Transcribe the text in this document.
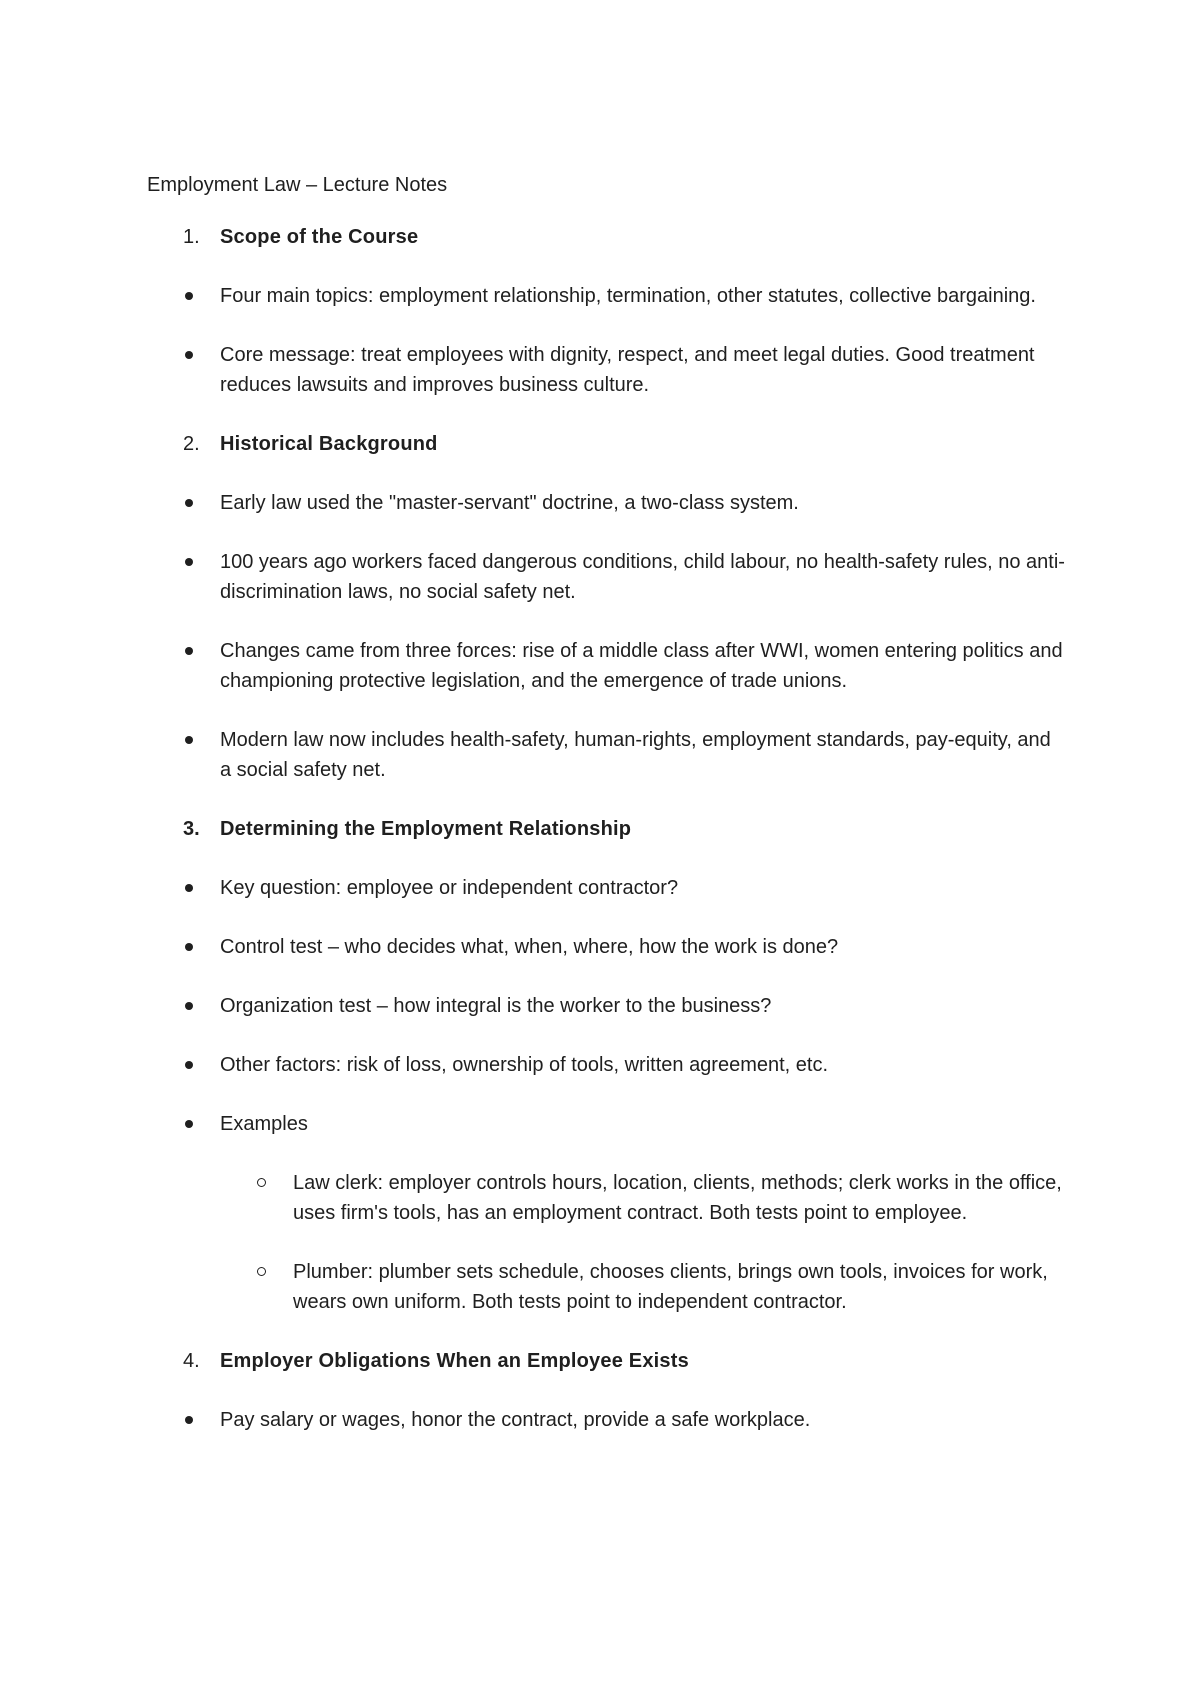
Employment Law – Lecture Notes
1.	Scope of the Course
Four main topics: employment relationship, termination, other statutes, collective bargaining.
Core message: treat employees with dignity, respect, and meet legal duties. Good treatment reduces lawsuits and improves business culture.
2.	Historical Background
Early law used the "master-servant" doctrine, a two-class system.
100 years ago workers faced dangerous conditions, child labour, no health-safety rules, no anti-discrimination laws, no social safety net.
Changes came from three forces: rise of a middle class after WWI, women entering politics and championing protective legislation, and the emergence of trade unions.
Modern law now includes health-safety, human-rights, employment standards, pay-equity, and a social safety net.
3.	Determining the Employment Relationship
Key question: employee or independent contractor?
Control test – who decides what, when, where, how the work is done?
Organization test – how integral is the worker to the business?
Other factors: risk of loss, ownership of tools, written agreement, etc.
Examples
Law clerk: employer controls hours, location, clients, methods; clerk works in the office, uses firm's tools, has an employment contract. Both tests point to employee.
Plumber: plumber sets schedule, chooses clients, brings own tools, invoices for work, wears own uniform. Both tests point to independent contractor.
4.	Employer Obligations When an Employee Exists
Pay salary or wages, honor the contract, provide a safe workplace.
